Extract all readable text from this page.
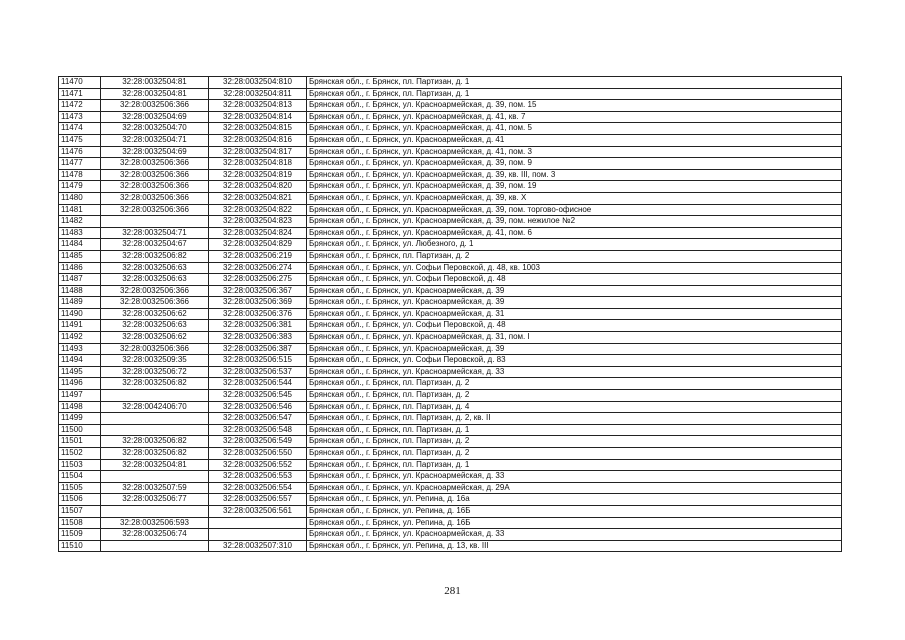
11470	32:28:0032504:81	32:28:0032504:810	Брянская обл., г. Брянск, пл. Партизан, д. 1
11471	32:28:0032504:81	32:28:0032504:811	Брянская обл., г. Брянск, пл. Партизан, д. 1
11472	32:28:0032506:366	32:28:0032504:813	Брянская обл., г. Брянск, ул. Красноармейская, д. 39, пом. 15
11473	32:28:0032504:69	32:28:0032504:814	Брянская обл., г. Брянск, ул. Красноармейская, д. 41, кв. 7
11474	32:28:0032504:70	32:28:0032504:815	Брянская обл., г. Брянск, ул. Красноармейская, д. 41, пом. 5
11475	32:28:0032504:71	32:28:0032504:816	Брянская обл., г. Брянск, ул. Красноармейская, д. 41
11476	32:28:0032504:69	32:28:0032504:817	Брянская обл., г. Брянск, ул. Красноармейская, д. 41, пом. 3
11477	32:28:0032506:366	32:28:0032504:818	Брянская обл., г. Брянск, ул. Красноармейская, д. 39, пом. 9
11478	32:28:0032506:366	32:28:0032504:819	Брянская обл., г. Брянск, ул. Красноармейская, д. 39, кв. III, пом. 3
11479	32:28:0032506:366	32:28:0032504:820	Брянская обл., г. Брянск, ул. Красноармейская, д. 39, пом. 19
11480	32:28:0032506:366	32:28:0032504:821	Брянская обл., г. Брянск, ул. Красноармейская, д. 39, кв. Х
11481	32:28:0032506:366	32:28:0032504:822	Брянская обл., г. Брянск, ул. Красноармейская, д. 39, пом. торгово-офисное
11482		32:28:0032504:823	Брянская обл., г. Брянск, ул. Красноармейская, д. 39, пом. нежилое №2
11483	32:28:0032504:71	32:28:0032504:824	Брянская обл., г. Брянск, ул. Красноармейская, д. 41, пом. 6
11484	32:28:0032504:67	32:28:0032504:829	Брянская обл., г. Брянск, ул. Любезного, д. 1
11485	32:28:0032506:82	32:28:0032506:219	Брянская обл., г. Брянск, пл. Партизан, д. 2
11486	32:28:0032506:63	32:28:0032506:274	Брянская обл., г. Брянск, ул. Софьи Перовской, д. 48, кв. 1003
11487	32:28:0032506:63	32:28:0032506:275	Брянская обл., г. Брянск, ул. Софьи Перовской, д. 48
11488	32:28:0032506:366	32:28:0032506:367	Брянская обл., г. Брянск, ул. Красноармейская, д. 39
11489	32:28:0032506:366	32:28:0032506:369	Брянская обл., г. Брянск, ул. Красноармейская, д. 39
11490	32:28:0032506:62	32:28:0032506:376	Брянская обл., г. Брянск, ул. Красноармейская, д. 31
11491	32:28:0032506:63	32:28:0032506:381	Брянская обл., г. Брянск, ул. Софьи Перовской, д. 48
11492	32:28:0032506:62	32:28:0032506:383	Брянская обл., г. Брянск, ул. Красноармейская, д. 31, пом. I
11493	32:28:0032506:366	32:28:0032506:387	Брянская обл., г. Брянск, ул. Красноармейская, д. 39
11494	32:28:0032509:35	32:28:0032506:515	Брянская обл., г. Брянск, ул. Софьи Перовской, д. 83
11495	32:28:0032506:72	32:28:0032506:537	Брянская обл., г. Брянск, ул. Красноармейская, д. 33
11496	32:28:0032506:82	32:28:0032506:544	Брянская обл., г. Брянск, пл. Партизан, д. 2
11497		32:28:0032506:545	Брянская обл., г. Брянск, пл. Партизан, д. 2
11498	32:28:0042406:70	32:28:0032506:546	Брянская обл., г. Брянск, пл. Партизан, д. 4
11499		32:28:0032506:547	Брянская обл., г. Брянск, пл. Партизан, д. 2, кв. II
11500		32:28:0032506:548	Брянская обл., г. Брянск, пл. Партизан, д. 1
11501	32:28:0032506:82	32:28:0032506:549	Брянская обл., г. Брянск, пл. Партизан, д. 2
11502	32:28:0032506:82	32:28:0032506:550	Брянская обл., г. Брянск, пл. Партизан, д. 2
11503	32:28:0032504:81	32:28:0032506:552	Брянская обл., г. Брянск, пл. Партизан, д. 1
11504		32:28:0032506:553	Брянская обл., г. Брянск, ул. Красноармейская, д. 33
11505	32:28:0032507:59	32:28:0032506:554	Брянская обл., г. Брянск, ул. Красноармейская, д. 29А
11506	32:28:0032506:77	32:28:0032506:557	Брянская обл., г. Брянск, ул. Репина, д. 16а
11507		32:28:0032506:561	Брянская обл., г. Брянск, ул. Репина, д. 16Б
11508	32:28:0032506:593		Брянская обл., г. Брянск, ул. Репина, д. 16Б
11509	32:28:0032506:74		Брянская обл., г. Брянск, ул. Красноармейская, д. 33
11510		32:28:0032507:310	Брянская обл., г. Брянск, ул. Репина, д. 13, кв. III
281
